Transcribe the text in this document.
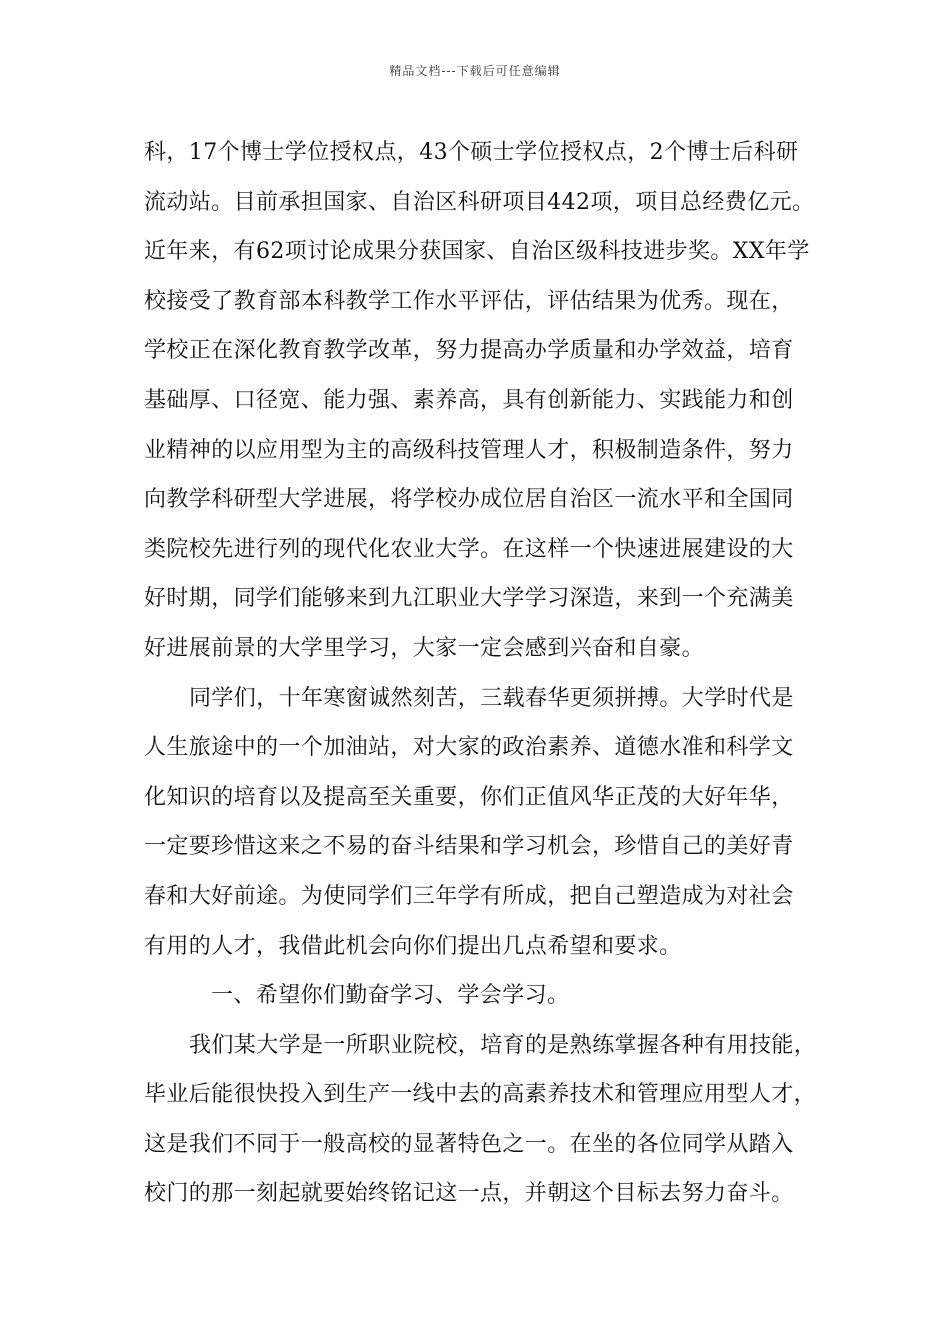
精品文档---下载后可任意编辑
科，17个博士学位授权点，43个硕士学位授权点，2个博士后科研
流动站。目前承担国家、自治区科研项目442项，项目总经费亿元。
近年来，有62项讨论成果分获国家、自治区级科技进步奖。XX年学
校接受了教育部本科教学工作水平评估，评估结果为优秀。现在，
学校正在深化教育教学改革，努力提高办学质量和办学效益，培育
基础厚、口径宽、能力强、素养高，具有创新能力、实践能力和创
业精神的以应用型为主的高级科技管理人才，积极制造条件，努力
向教学科研型大学进展，将学校办成位居自治区一流水平和全国同
类院校先进行列的现代化农业大学。在这样一个快速进展建设的大
好时期，同学们能够来到九江职业大学学习深造，来到一个充满美
好进展前景的大学里学习，大家一定会感到兴奋和自豪。
同学们，十年寒窗诚然刻苦，三载春华更须拼搏。大学时代是
人生旅途中的一个加油站，对大家的政治素养、道德水准和科学文
化知识的培育以及提高至关重要，你们正值风华正茂的大好年华，
一定要珍惜这来之不易的奋斗结果和学习机会，珍惜自己的美好青
春和大好前途。为使同学们三年学有所成，把自己塑造成为对社会
有用的人才，我借此机会向你们提出几点希望和要求。
一、希望你们勤奋学习、学会学习。
我们某大学是一所职业院校，培育的是熟练掌握各种有用技能，
毕业后能很快投入到生产一线中去的高素养技术和管理应用型人才，
这是我们不同于一般高校的显著特色之一。在坐的各位同学从踏入
校门的那一刻起就要始终铭记这一点，并朝这个目标去努力奋斗。
